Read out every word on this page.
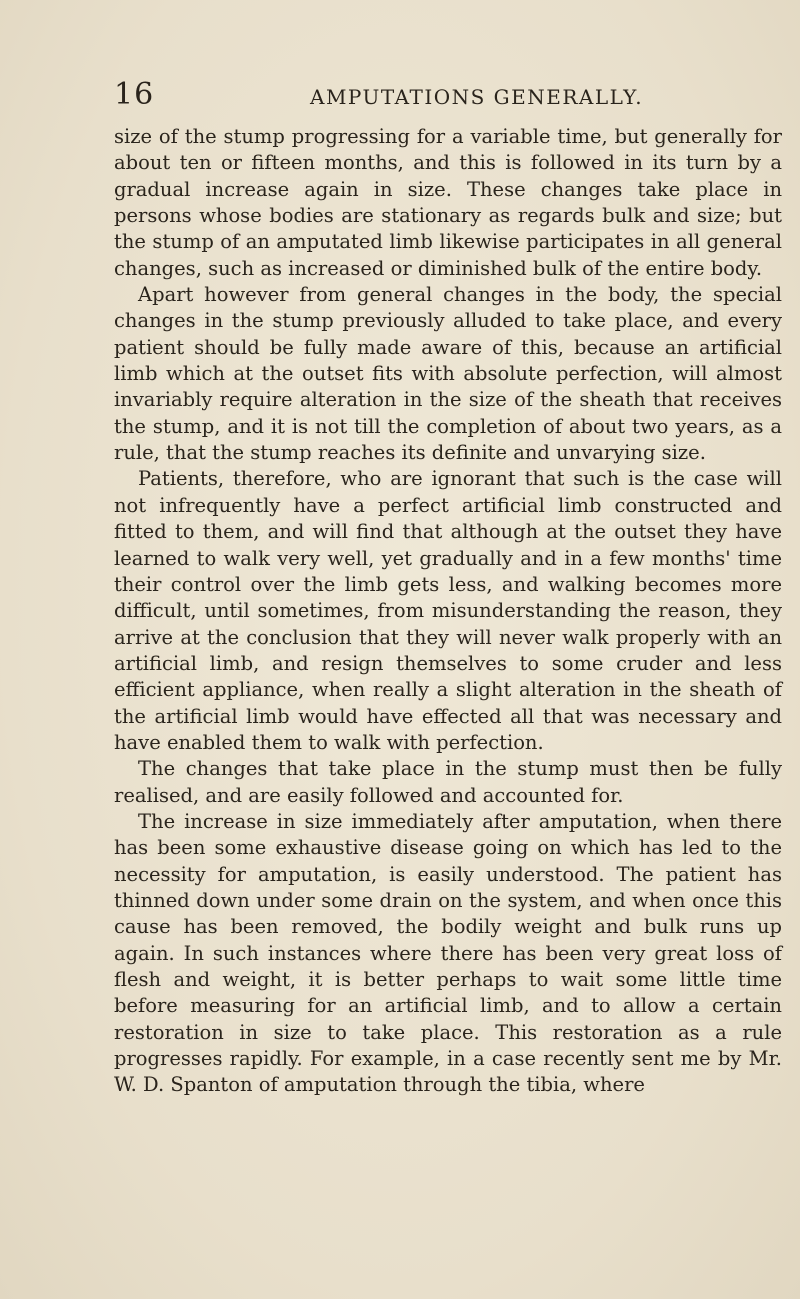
16	AMPUTATIONS GENERALLY.

size of the stump progressing for a variable time, but generally for about ten or fifteen months, and this is followed in its turn by a gradual increase again in size. These changes take place in persons whose bodies are stationary as regards bulk and size; but the stump of an amputated limb likewise participates in all general changes, such as increased or diminished bulk of the entire body.

Apart however from general changes in the body, the special changes in the stump previously alluded to take place, and every patient should be fully made aware of this, because an artificial limb which at the outset fits with absolute perfection, will almost invariably require alteration in the size of the sheath that receives the stump, and it is not till the completion of about two years, as a rule, that the stump reaches its definite and unvarying size.

Patients, therefore, who are ignorant that such is the case will not infrequently have a perfect artificial limb constructed and fitted to them, and will find that although at the outset they have learned to walk very well, yet gradually and in a few months' time their control over the limb gets less, and walking becomes more difficult, until sometimes, from misunderstanding the reason, they arrive at the conclusion that they will never walk properly with an artificial limb, and resign themselves to some cruder and less efficient appliance, when really a slight alteration in the sheath of the artificial limb would have effected all that was necessary and have enabled them to walk with perfection.

The changes that take place in the stump must then be fully realised, and are easily followed and accounted for.

The increase in size immediately after amputation, when there has been some exhaustive disease going on which has led to the necessity for amputation, is easily understood. The patient has thinned down under some drain on the system, and when once this cause has been removed, the bodily weight and bulk runs up again. In such instances where there has been very great loss of flesh and weight, it is better perhaps to wait some little time before measuring for an artificial limb, and to allow a certain restoration in size to take place. This restoration as a rule progresses rapidly. For example, in a case recently sent me by Mr. W. D. Spanton of amputation through the tibia, where
